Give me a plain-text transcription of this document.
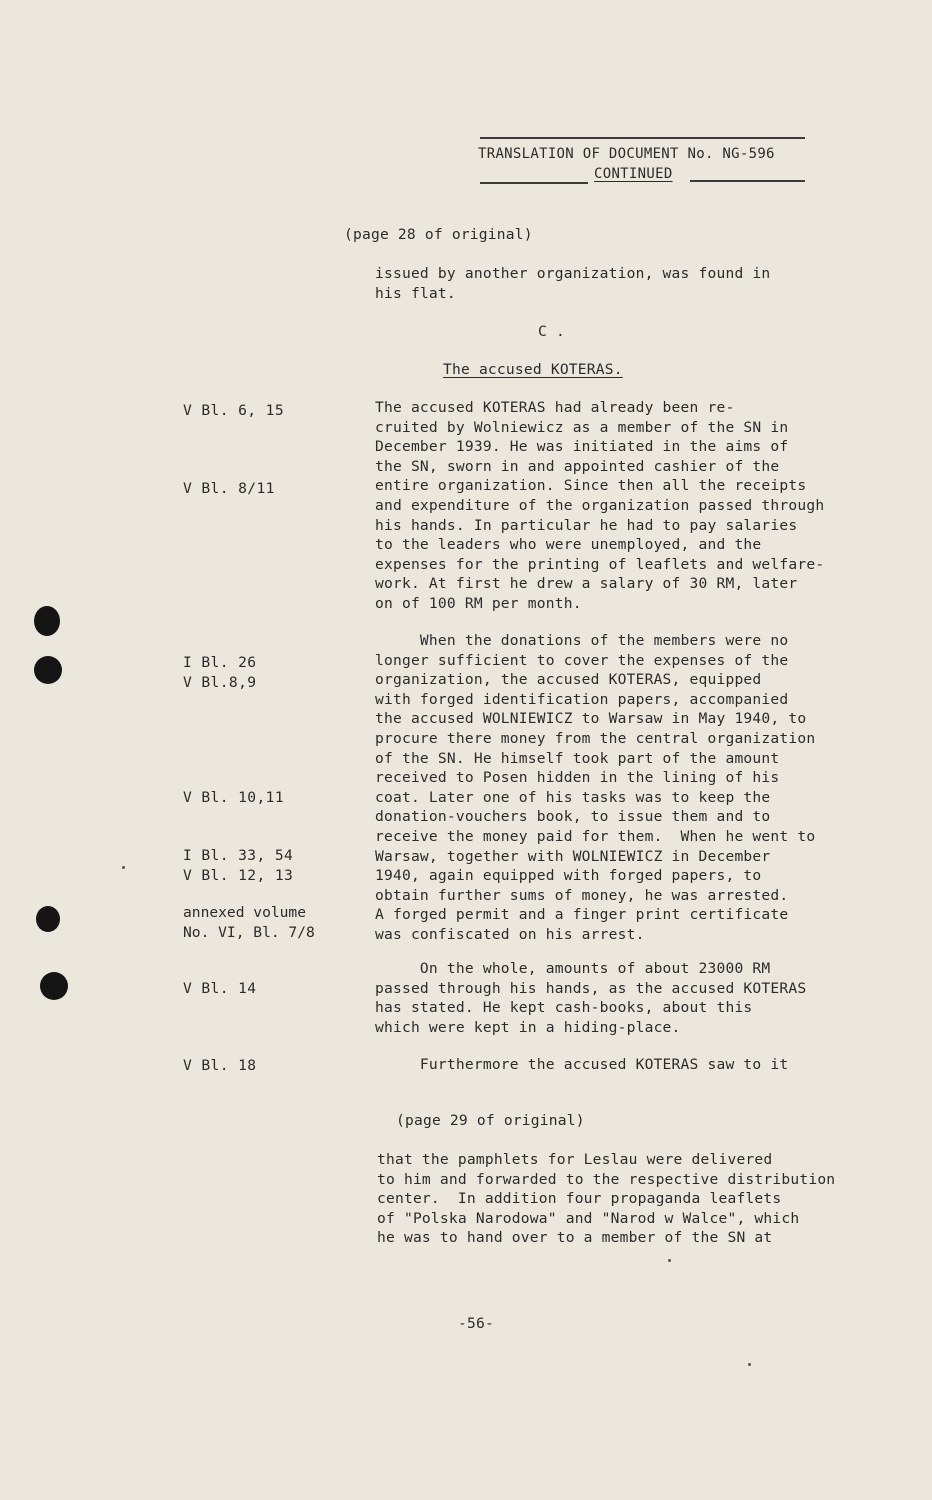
TRANSLATION OF DOCUMENT No. NG-596
CONTINUED
(page 28 of original)
issued by another organization, was found in
his flat.
C .
The accused KOTERAS.
The accused KOTERAS had already been re-
cruited by Wolniewicz as a member of the SN in
December 1939. He was initiated in the aims of
the SN, sworn in and appointed cashier of the
entire organization. Since then all the receipts
and expenditure of the organization passed through
his hands. In particular he had to pay salaries
to the leaders who were unemployed, and the
expenses for the printing of leaflets and welfare-
work. At first he drew a salary of 30 RM, later
on of 100 RM per month.
When the donations of the members were no
longer sufficient to cover the expenses of the
organization, the accused KOTERAS, equipped
with forged identification papers, accompanied
the accused WOLNIEWICZ to Warsaw in May 1940, to
procure there money from the central organization
of the SN. He himself took part of the amount
received to Posen hidden in the lining of his
coat. Later one of his tasks was to keep the
donation-vouchers book, to issue them and to
receive the money paid for them.  When he went to
Warsaw, together with WOLNIEWICZ in December
1940, again equipped with forged papers, to
obtain further sums of money, he was arrested.
A forged permit and a finger print certificate
was confiscated on his arrest.
On the whole, amounts of about 23000 RM
passed through his hands, as the accused KOTERAS
has stated. He kept cash-books, about this
which were kept in a hiding-place.
Furthermore the accused KOTERAS saw to it
(page 29 of original)
that the pamphlets for Leslau were delivered
to him and forwarded to the respective distribution
center.  In addition four propaganda leaflets
of "Polska Narodowa" and "Narod w Walce", which
he was to hand over to a member of the SN at
-56-
V Bl. 6, 15
V Bl. 8/11
I Bl. 26
V Bl.8,9
V Bl. 10,11
I Bl. 33, 54
V Bl. 12, 13
annexed volume
No. VI, Bl. 7/8
V Bl. 14
V Bl. 18
